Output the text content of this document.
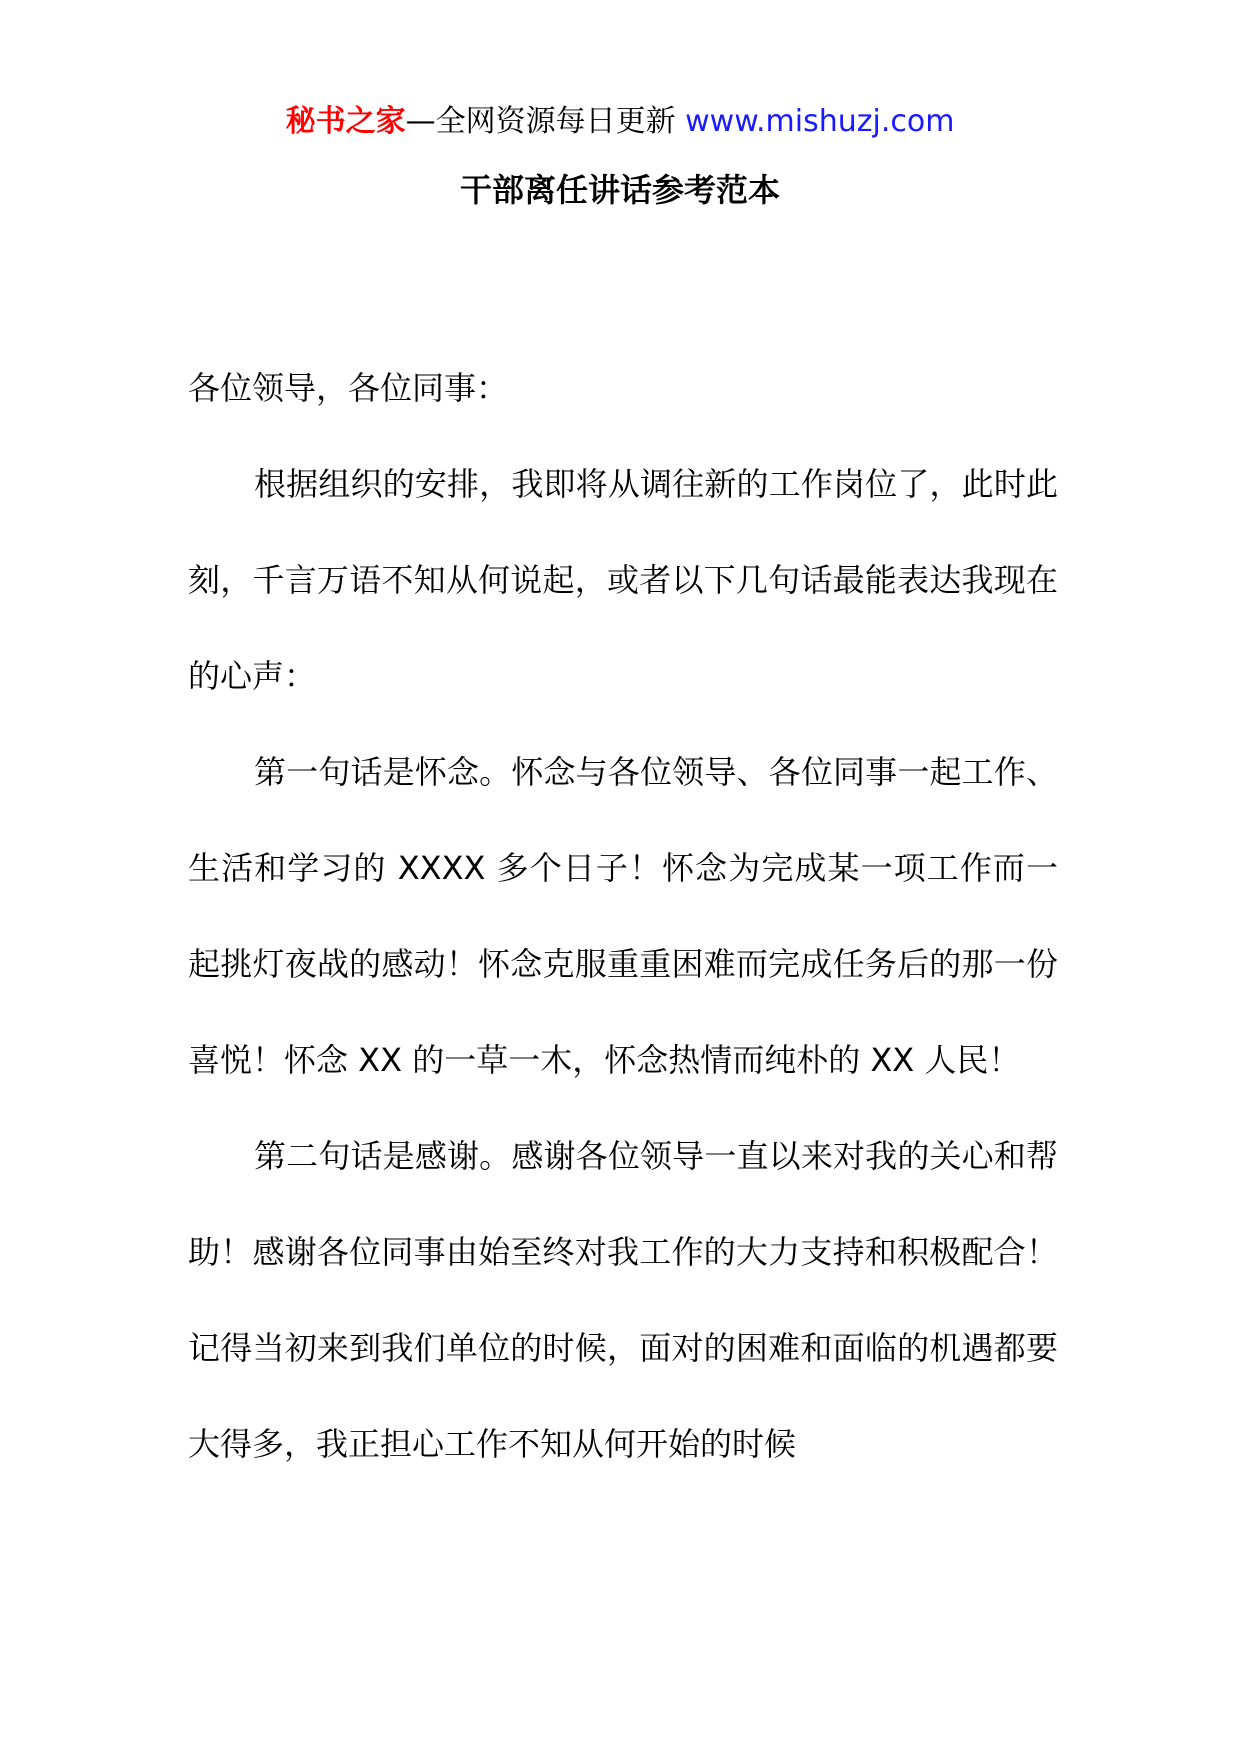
秘书之家—全网资源每日更新 www.mishuzj.com
干部离任讲话参考范本

各位领导，各位同事：

根据组织的安排，我即将从调往新的工作岗位了，此时此刻，千言万语不知从何说起，或者以下几句话最能表达我现在的心声：

第一句话是怀念。怀念与各位领导、各位同事一起工作、生活和学习的 XXXX 多个日子！怀念为完成某一项工作而一起挑灯夜战的感动！怀念克服重重困难而完成任务后的那一份喜悦！怀念 XX 的一草一木，怀念热情而纯朴的 XX 人民！

第二句话是感谢。感谢各位领导一直以来对我的关心和帮助！感谢各位同事由始至终对我工作的大力支持和积极配合！记得当初来到我们单位的时候，面对的困难和面临的机遇都要大得多，我正担心工作不知从何开始的时候
